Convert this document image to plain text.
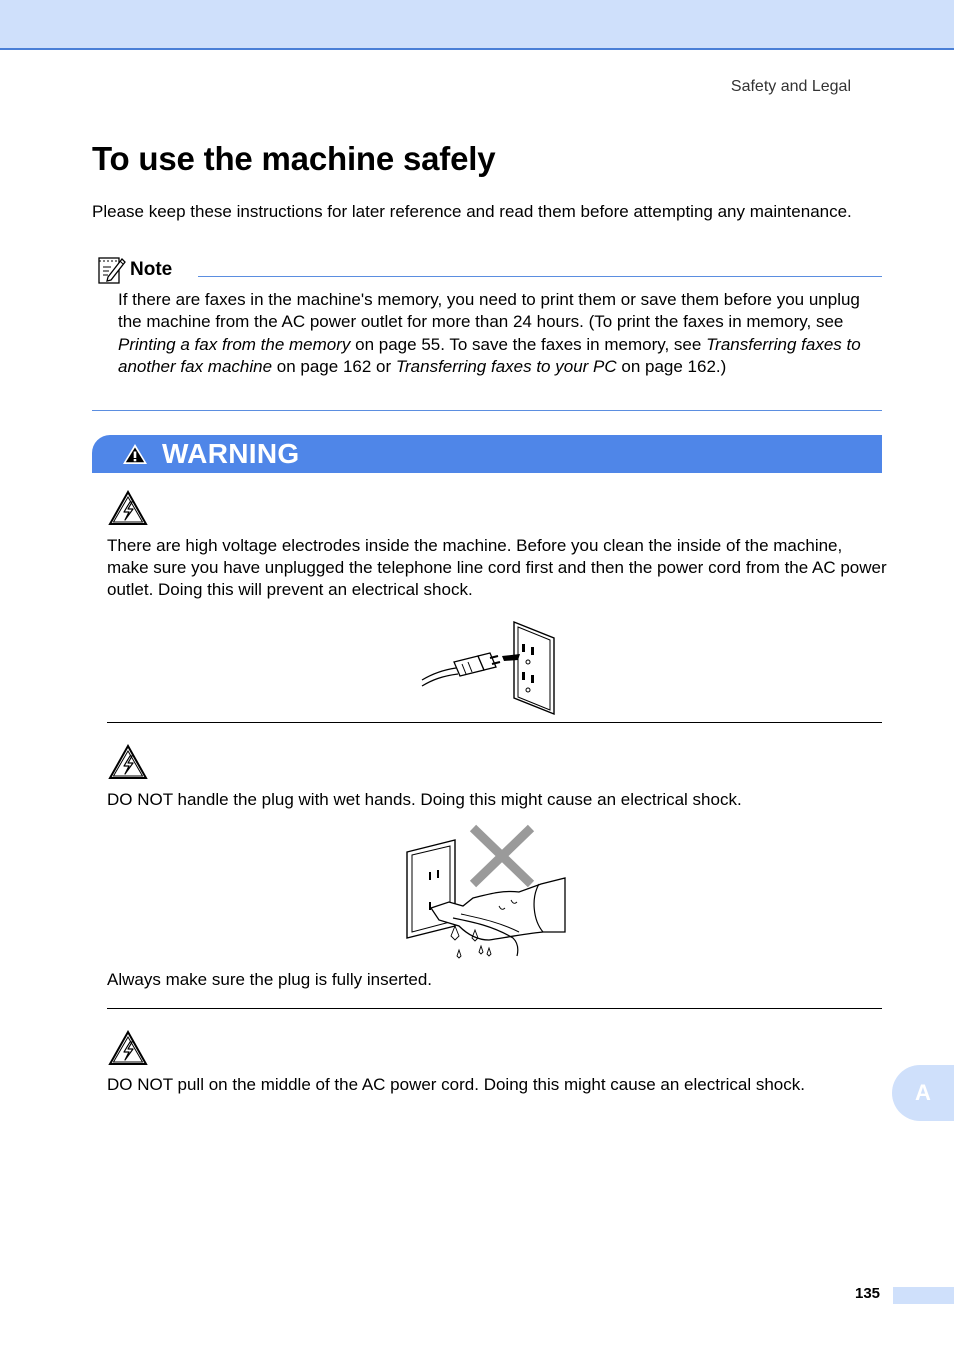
Safety and Legal
To use the machine safely

Please keep these instructions for later reference and read them before attempting any maintenance.

Note

If there are faxes in the machine's memory, you need to print them or save them before you unplug the machine from the AC power outlet for more than 24 hours. (To print the faxes in memory, see Printing a fax from the memory on page 55. To save the faxes in memory, see Transferring faxes to another fax machine on page 162 or Transferring faxes to your PC on page 162.)

WARNING

There are high voltage electrodes inside the machine. Before you clean the inside of the machine, make sure you have unplugged the telephone line cord first and then the power cord from the AC power outlet. Doing this will prevent an electrical shock.

DO NOT handle the plug with wet hands. Doing this might cause an electrical shock.

Always make sure the plug is fully inserted.

DO NOT pull on the middle of the AC power cord. Doing this might cause an electrical shock.	A
135
